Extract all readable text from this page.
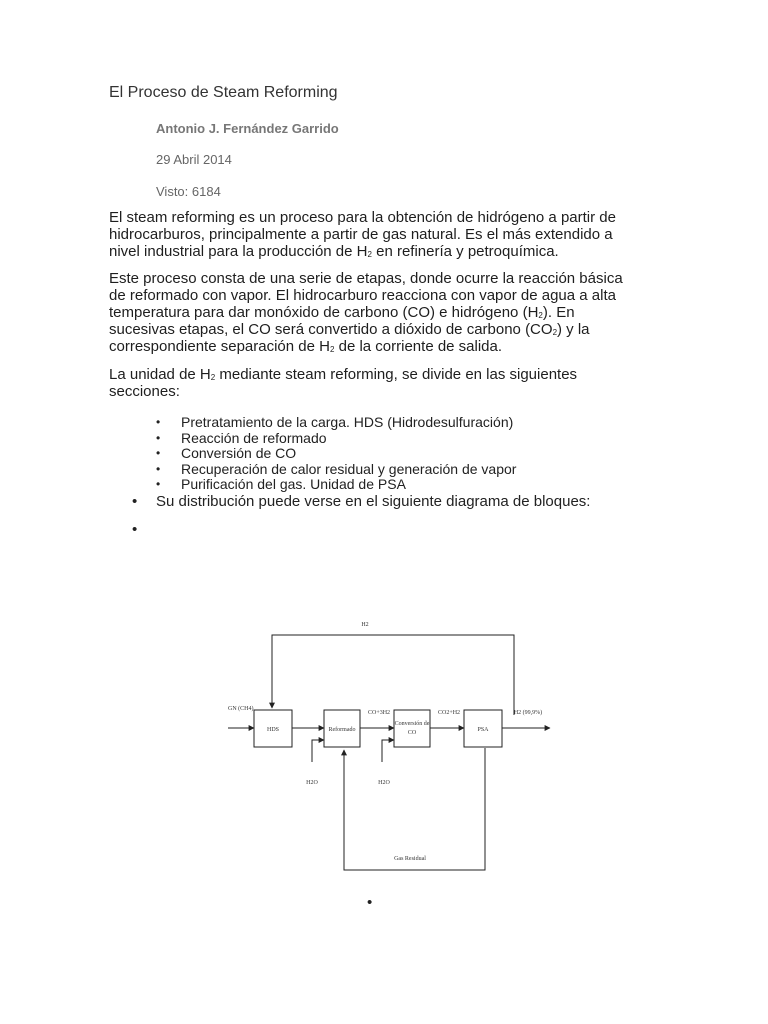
El Proceso de Steam Reforming
Antonio J. Fernández Garrido
29 Abril 2014
Visto: 6184

El steam reforming es un proceso para la obtención de hidrógeno a partir de hidrocarburos, principalmente a partir de gas natural. Es el más extendido a nivel industrial para la producción de $H_2$ en refinería y petroquímica.

Este proceso consta de una serie de etapas, donde ocurre la reacción básica de reformado con vapor. El hidrocarburo reacciona con vapor de agua a alta temperatura para dar monóxido de carbono (CO) e hidrógeno $(H_2)$. En sucesivas etapas, el CO será convertido a dióxido de carbono $(CO_2)$ y la correspondiente separación de $H_2$ de la corriente de salida.

La unidad de $H_2$ mediante steam reforming, se divide en las siguientes secciones:

• Pretratamiento de la carga. HDS (Hidrodesulfuración)
• Reacción de reformado
• Conversión de CO
• Recuperación de calor residual y generación de vapor
• Purificación del gas. Unidad de PSA
• Su distribución puede verse en el siguiente diagrama de bloques:
•
H2
GN (CH4)
CO+3H2	CO2+H2	H2 (99,9%)
H2O	H2O
Gas Residual
HDS	Reformado
Conversión de
CO	PSA
•
